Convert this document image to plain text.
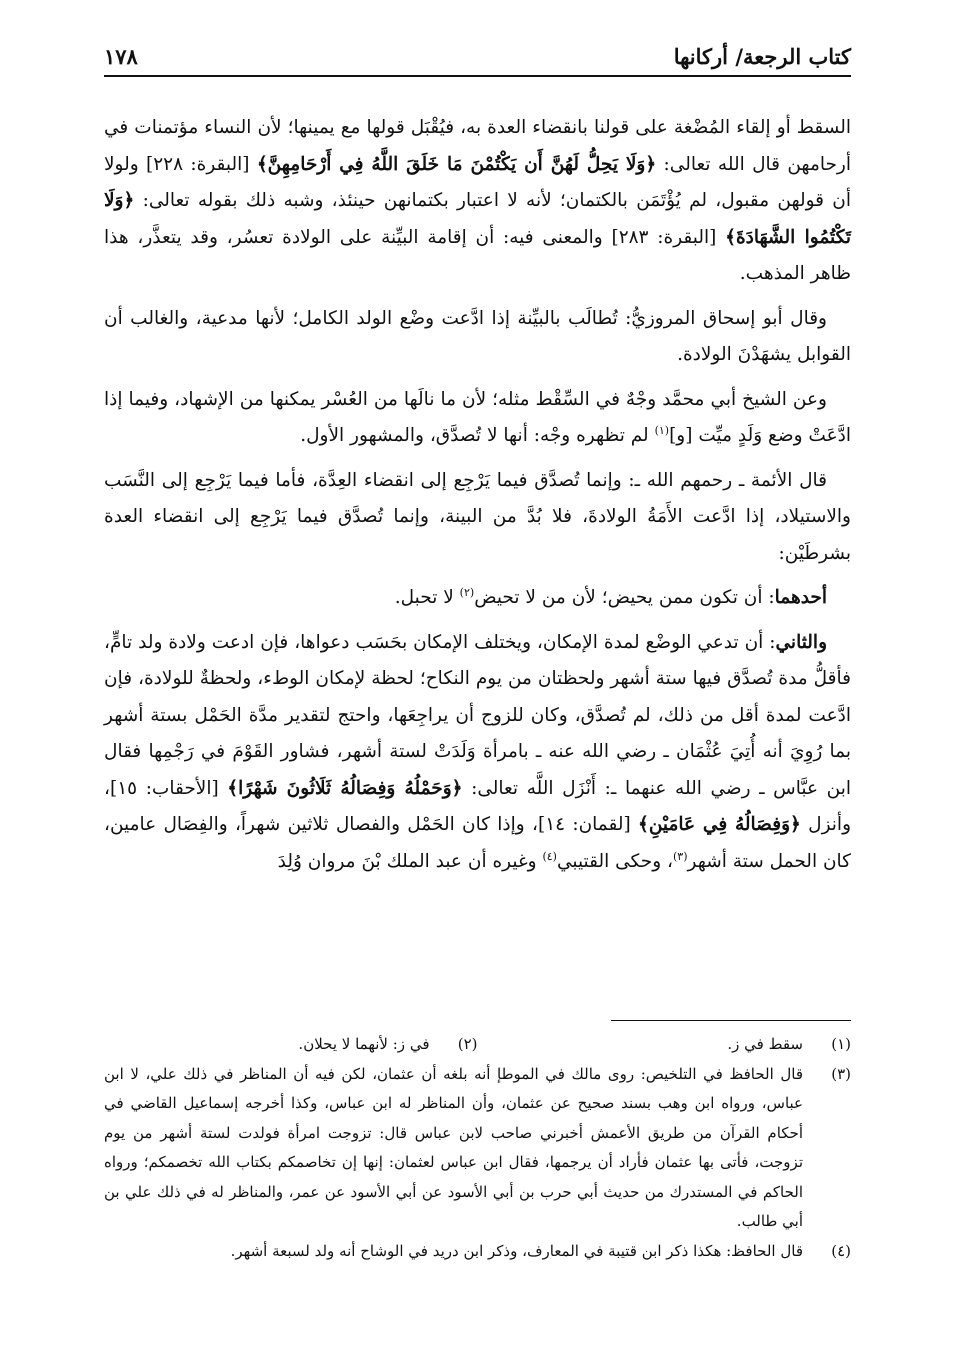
كتاب الرجعة/ أركانها
١٧٨

السقط أو إلقاء المُضْغة على قولنا بانقضاء العدة به، فيُقْبَل قولها مع يمينها؛ لأن النساء مؤتمنات في أرحامهن قال الله تعالى: ﴿وَلَا يَحِلُّ لَهُنَّ أَن يَكْتُمْنَ مَا خَلَقَ اللَّهُ فِي أَرْحَامِهِنَّ﴾ [البقرة: ٢٢٨] ولولا أن قولهن مقبول، لم يُؤْتَمَن بالكتمان؛ لأنه لا اعتبار بكتمانهن حينئذ، وشبه ذلك بقوله تعالى: ﴿وَلَا تَكْتُمُوا الشَّهَادَةَ﴾ [البقرة: ٢٨٣] والمعنى فيه: أن إقامة البيِّنة على الولادة تعسُر، وقد يتعذَّر، هذا ظاهر المذهب.

وقال أبو إسحاق المروزيُّ: تُطالَب بالبيِّنة إذا ادَّعت وضْع الولد الكامل؛ لأنها مدعية، والغالب أن القوابل يشهَدْنَ الولادة.

وعن الشيخ أبي محمَّد وجْهٌ في السِّقْط مثله؛ لأن ما نالَها من العُسْر يمكنها من الإشهاد، وفيما إذا ادَّعَتْ وضع وَلَدٍ ميِّت [و]$^{(١)}$ لم تظهره وجْه: أنها لا تُصدَّق، والمشهور الأول.

قال الأئمة ـ رحمهم الله ـ: وإنما تُصدَّق فيما يَرْجِع إلى انقضاء العِدَّة، فأما فيما يَرْجِع إلى النَّسَب والاستيلاد، إذا ادَّعت الأَمَةُ الولادةَ، فلا بُدَّ من البينة، وإنما تُصدَّق فيما يَرْجِع إلى انقضاء العدة بشرطَيْن:

أحدهما: أن تكون ممن يحيض؛ لأن من لا تحيض$^{(٢)}$ لا تحبل.

والثاني: أن تدعي الوضْع لمدة الإمكان، ويختلف الإمكان بحَسَب دعواها، فإن ادعت ولادة ولد تامٍّ، فأقلُّ مدة تُصدَّق فيها ستة أشهر ولحظتان من يوم النكاح؛ لحظة لإمكان الوطء، ولحظةٌ للولادة، فإن ادَّعت لمدة أقل من ذلك، لم تُصدَّق، وكان للزوج أن يراجِعَها، واحتج لتقدير مدَّة الحَمْل بستة أشهر بما رُوِيَ أنه أُتِيَ عُثْمَان ـ رضي الله عنه ـ بامرأة وَلَدَتْ لستة أشهر، فشاور القَوْمَ في رَجْمِها فقال ابن عبَّاس ـ رضي الله عنهما ـ: أَنْزَل اللَّه تعالى: ﴿وَحَمْلُهُ وَفِصَالُهُ ثَلَاثُونَ شَهْرًا﴾ [الأحقاب: ١٥]، وأنزل ﴿وَفِصَالُهُ فِي عَامَيْنِ﴾ [لقمان: ١٤]، وإذا كان الحَمْل والفصال ثلاثين شهراً، والفِصَال عامين، كان الحمل ستة أشهر$^{(٣)}$، وحكى القتيبي$^{(٤)}$ وغيره أن عبد الملك بْنَ مروان وُلِدَ

(١)
سقط في ز.
(٢)
في ز: لأنهما لا يحلان.
(٣)
قال الحافظ في التلخيص: روى مالك في الموطإ أنه بلغه أن عثمان، لكن فيه أن المناظر في ذلك علي، لا ابن عباس، ورواه ابن وهب بسند صحيح عن عثمان، وأن المناظر له ابن عباس، وكذا أخرجه إسماعيل القاضي في أحكام القرآن من طريق الأعمش أخبرني صاحب لابن عباس قال: تزوجت امرأة فولدت لستة أشهر من يوم تزوجت، فأتى بها عثمان فأراد أن يرجمها، فقال ابن عباس لعثمان: إنها إن تخاصمكم بكتاب الله تخصمكم؛ ورواه الحاكم في المستدرك من حديث أبي حرب بن أبي الأسود عن أبي الأسود عن عمر، والمناظر له في ذلك علي بن أبي طالب.
(٤)
قال الحافظ: هكذا ذكر ابن قتيبة في المعارف، وذكر ابن دريد في الوشاح أنه ولد لسبعة أشهر.
